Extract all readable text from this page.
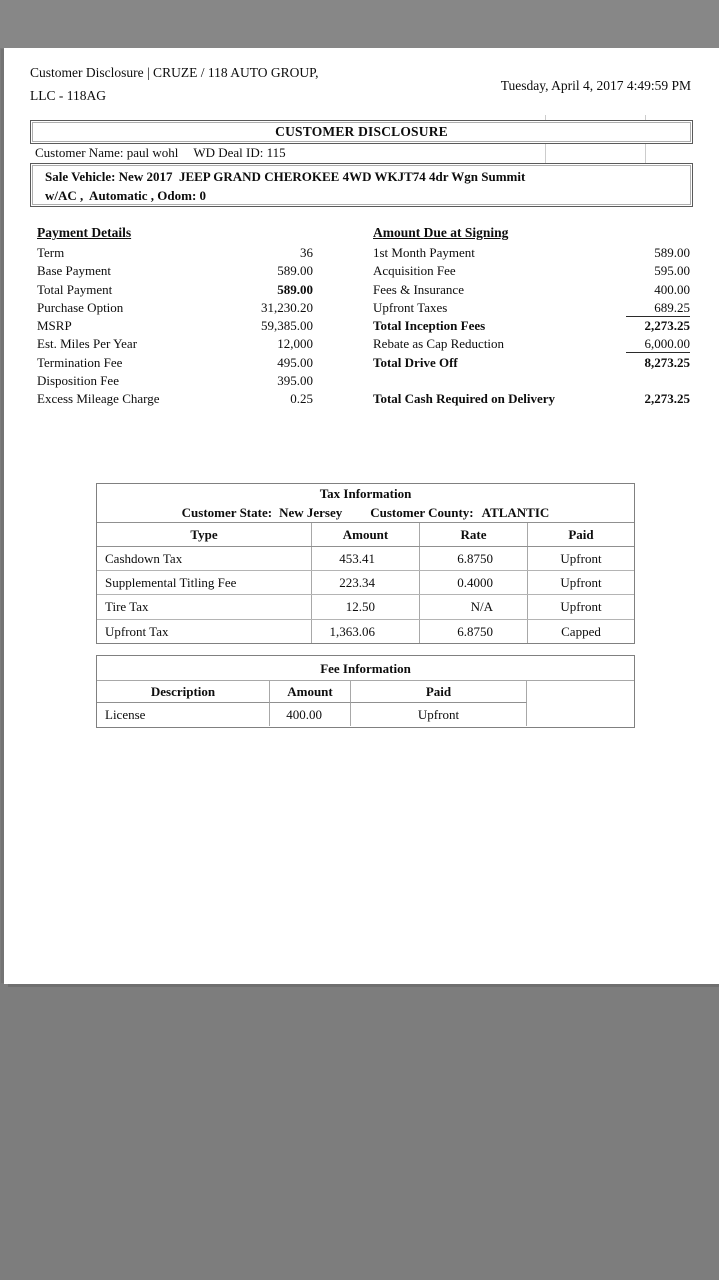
Customer Disclosure | CRUZE / 118 AUTO GROUP,
LLC - 118AG
Tuesday, April 4, 2017 4:49:59 PM
CUSTOMER DISCLOSURE
Customer Name: paul wohl WD Deal ID: 115
Sale Vehicle: New 2017  JEEP GRAND CHEROKEE 4WD WKJT74 4dr Wgn Summit
w/AC ,  Automatic , Odom: 0
Payment Details	Amount Due at Signing
Term	36
Base Payment	589.00
Total Payment	589.00
Purchase Option	31,230.20
MSRP	59,385.00
Est. Miles Per Year	12,000
Termination Fee	495.00
Disposition Fee	395.00
Excess Mileage Charge	0.25
1st Month Payment	589.00
Acquisition Fee	595.00
Fees & Insurance	400.00
Upfront Taxes	689.25
Total Inception Fees	2,273.25
Rebate as Cap Reduction	6,000.00
Total Drive Off	8,273.25
Total Cash Required on Delivery	2,273.25
Tax Information
Customer State: New Jersey Customer County: ATLANTIC
Type	Amount	Rate	Paid
Cashdown Tax	453.41	6.8750	Upfront
Supplemental Titling Fee	223.34	0.4000	Upfront
Tire Tax	12.50	N/A	Upfront
Upfront Tax	1,363.06	6.8750	Capped
Fee Information
Description	Amount	Paid
License	400.00	Upfront
